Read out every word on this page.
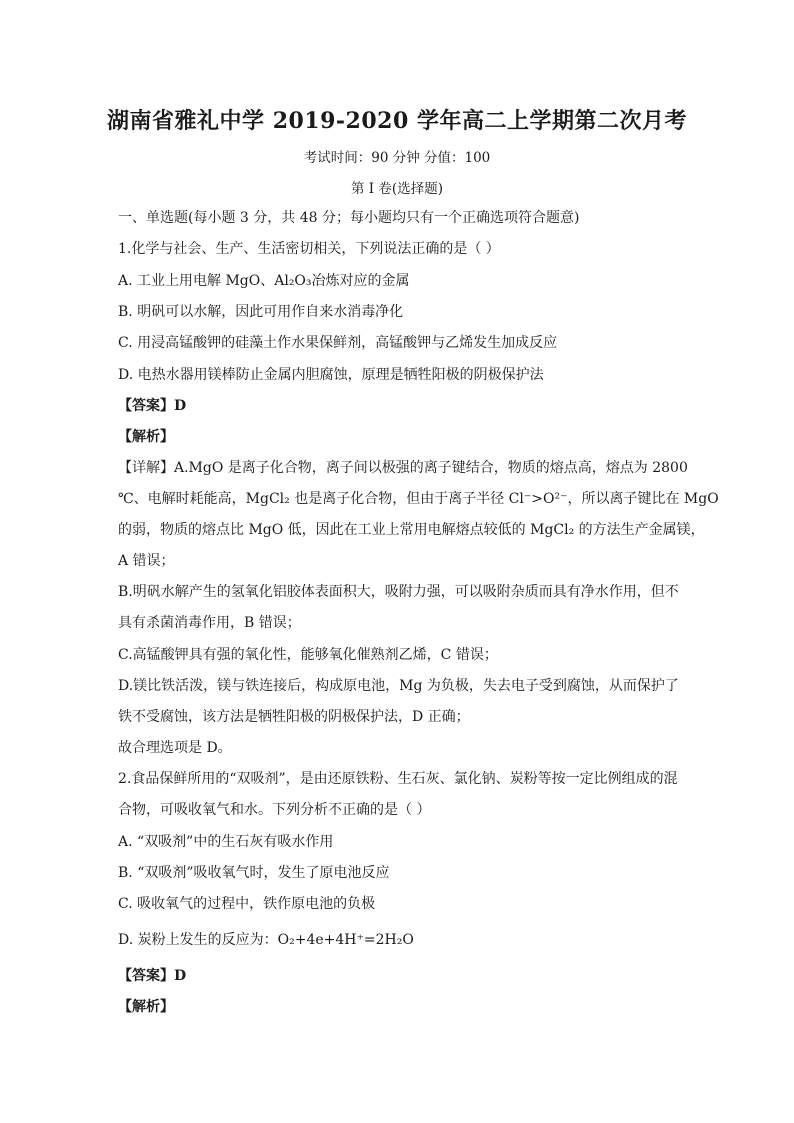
湖南省雅礼中学 2019-2020 学年高二上学期第二次月考
考试时间：90 分钟 分值：100
第 I 卷(选择题)
一、单选题(每小题 3 分，共 48 分；每小题均只有一个正确选项符合题意)
1.化学与社会、生产、生活密切相关，下列说法正确的是（ ）
A. 工业上用电解 MgO、Al₂O₃冶炼对应的金属
B. 明矾可以水解，因此可用作自来水消毒净化
C. 用浸高锰酸钾的硅藻土作水果保鲜剂，高锰酸钾与乙烯发生加成反应
D. 电热水器用镁棒防止金属内胆腐蚀，原理是牺牲阳极的阴极保护法
【答案】D
【解析】
【详解】A.MgO 是离子化合物，离子间以极强的离子键结合，物质的熔点高，熔点为 2800
℃、电解时耗能高，MgCl₂ 也是离子化合物，但由于离子半径 Cl⁻>O²⁻，所以离子键比在 MgO
的弱，物质的熔点比 MgO 低，因此在工业上常用电解熔点较低的 MgCl₂ 的方法生产金属镁，
A 错误；
B.明矾水解产生的氢氧化铝胶体表面积大，吸附力强，可以吸附杂质而具有净水作用，但不
具有杀菌消毒作用，B 错误；
C.高锰酸钾具有强的氧化性，能够氧化催熟剂乙烯，C 错误；
D.镁比铁活泼，镁与铁连接后，构成原电池，Mg 为负极，失去电子受到腐蚀，从而保护了
铁不受腐蚀，该方法是牺牲阳极的阴极保护法，D 正确；
故合理选项是 D。
2.食品保鲜所用的“双吸剂”，是由还原铁粉、生石灰、氯化钠、炭粉等按一定比例组成的混
合物，可吸收氧气和水。下列分析不正确的是（ ）
A. “双吸剂”中的生石灰有吸水作用
B. “双吸剂”吸收氧气时，发生了原电池反应
C. 吸收氧气的过程中，铁作原电池的负极
D. 炭粉上发生的反应为：O₂+4e+4H⁺=2H₂O
【答案】D
【解析】
